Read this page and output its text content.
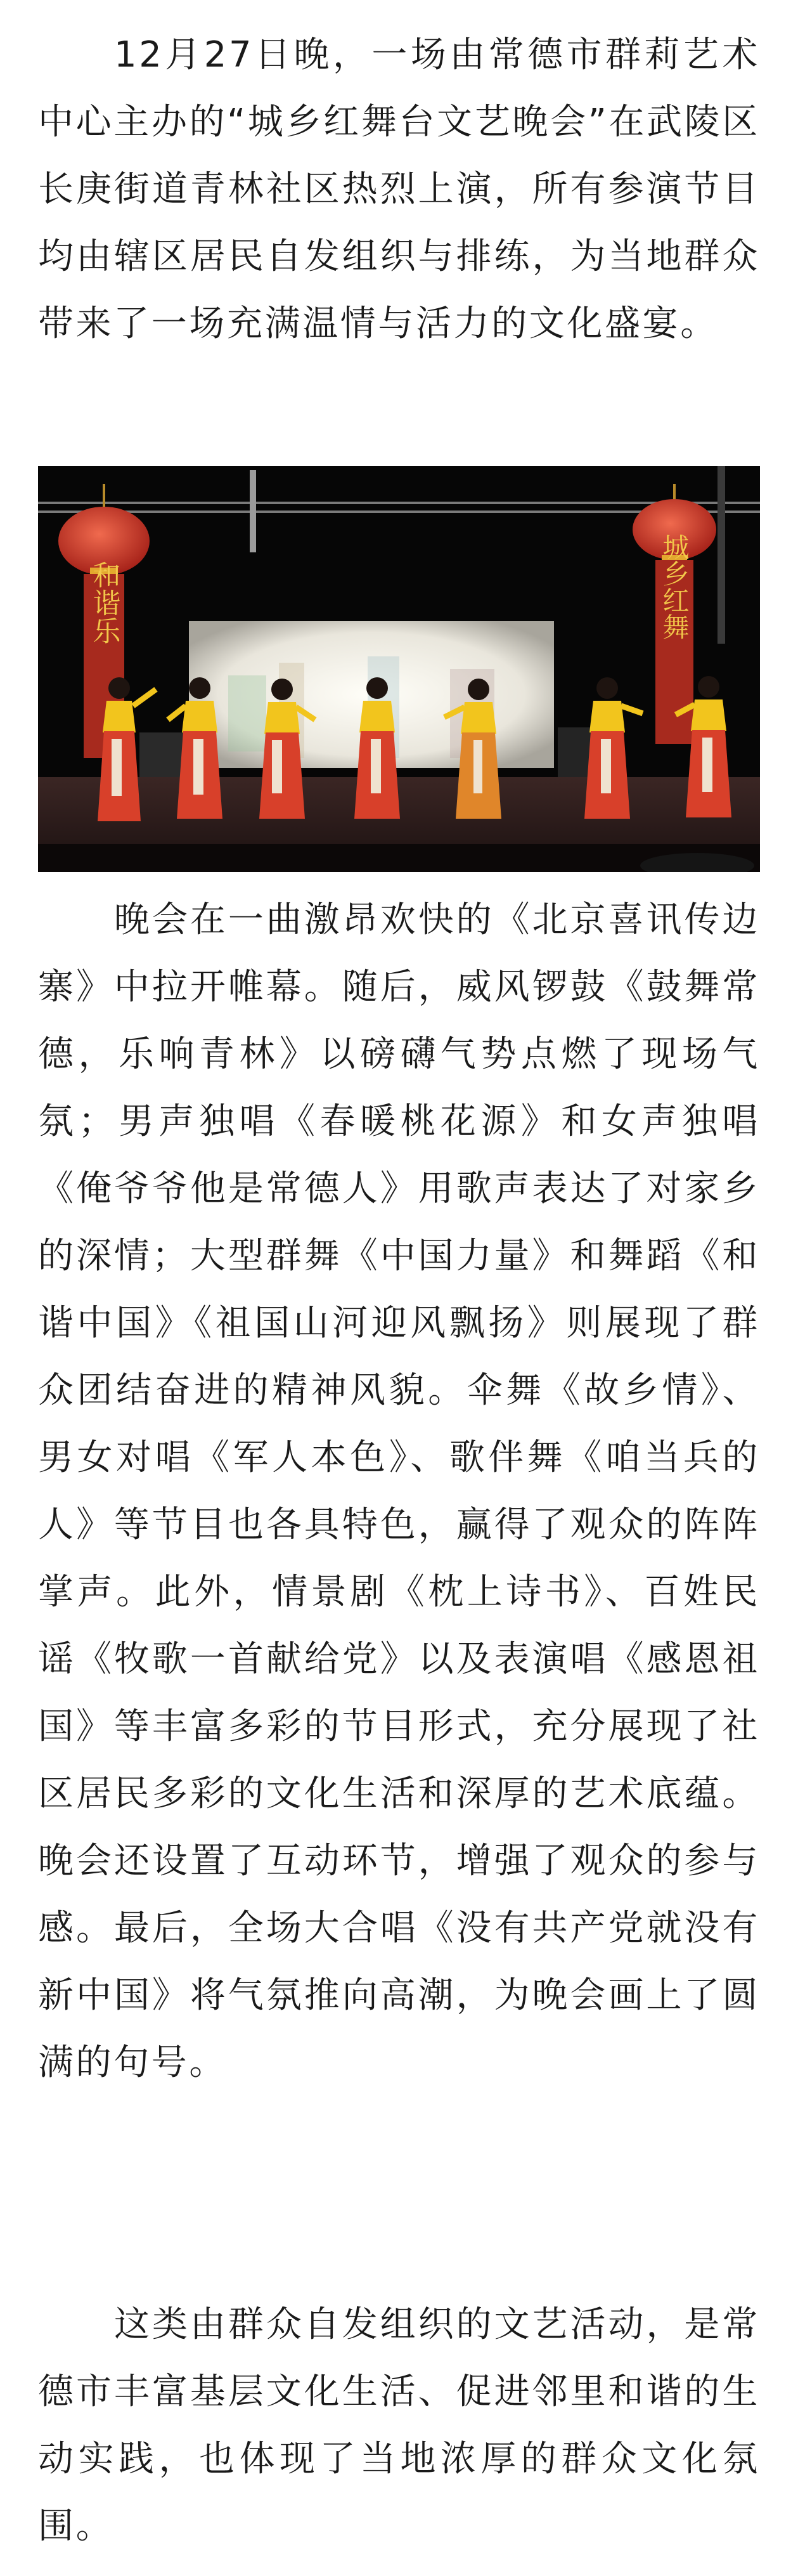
12月27日晚，一场由常德市群莉艺术中心主办的“城乡红舞台文艺晚会”在武陵区长庚街道青林社区热烈上演，所有参演节目均由辖区居民自发组织与排练，为当地群众带来了一场充满温情与活力的文化盛宴。

和谐乐	城乡红舞

晚会在一曲激昂欢快的《北京喜讯传边寨》中拉开帷幕。随后，威风锣鼓《鼓舞常德，乐响青林》以磅礴气势点燃了现场气氛；男声独唱《春暖桃花源》和女声独唱《俺爷爷他是常德人》用歌声表达了对家乡的深情；大型群舞《中国力量》和舞蹈《和谐中国》《祖国山河迎风飘扬》则展现了群众团结奋进的精神风貌。伞舞《故乡情》、男女对唱《军人本色》、歌伴舞《咱当兵的人》等节目也各具特色，赢得了观众的阵阵掌声。此外，情景剧《枕上诗书》、百姓民谣《牧歌一首献给党》以及表演唱《感恩祖国》等丰富多彩的节目形式，充分展现了社区居民多彩的文化生活和深厚的艺术底蕴。晚会还设置了互动环节，增强了观众的参与感。最后，全场大合唱《没有共产党就没有新中国》将气氛推向高潮，为晚会画上了圆满的句号。

这类由群众自发组织的文艺活动，是常德市丰富基层文化生活、促进邻里和谐的生动实践，也体现了当地浓厚的群众文化氛围。
